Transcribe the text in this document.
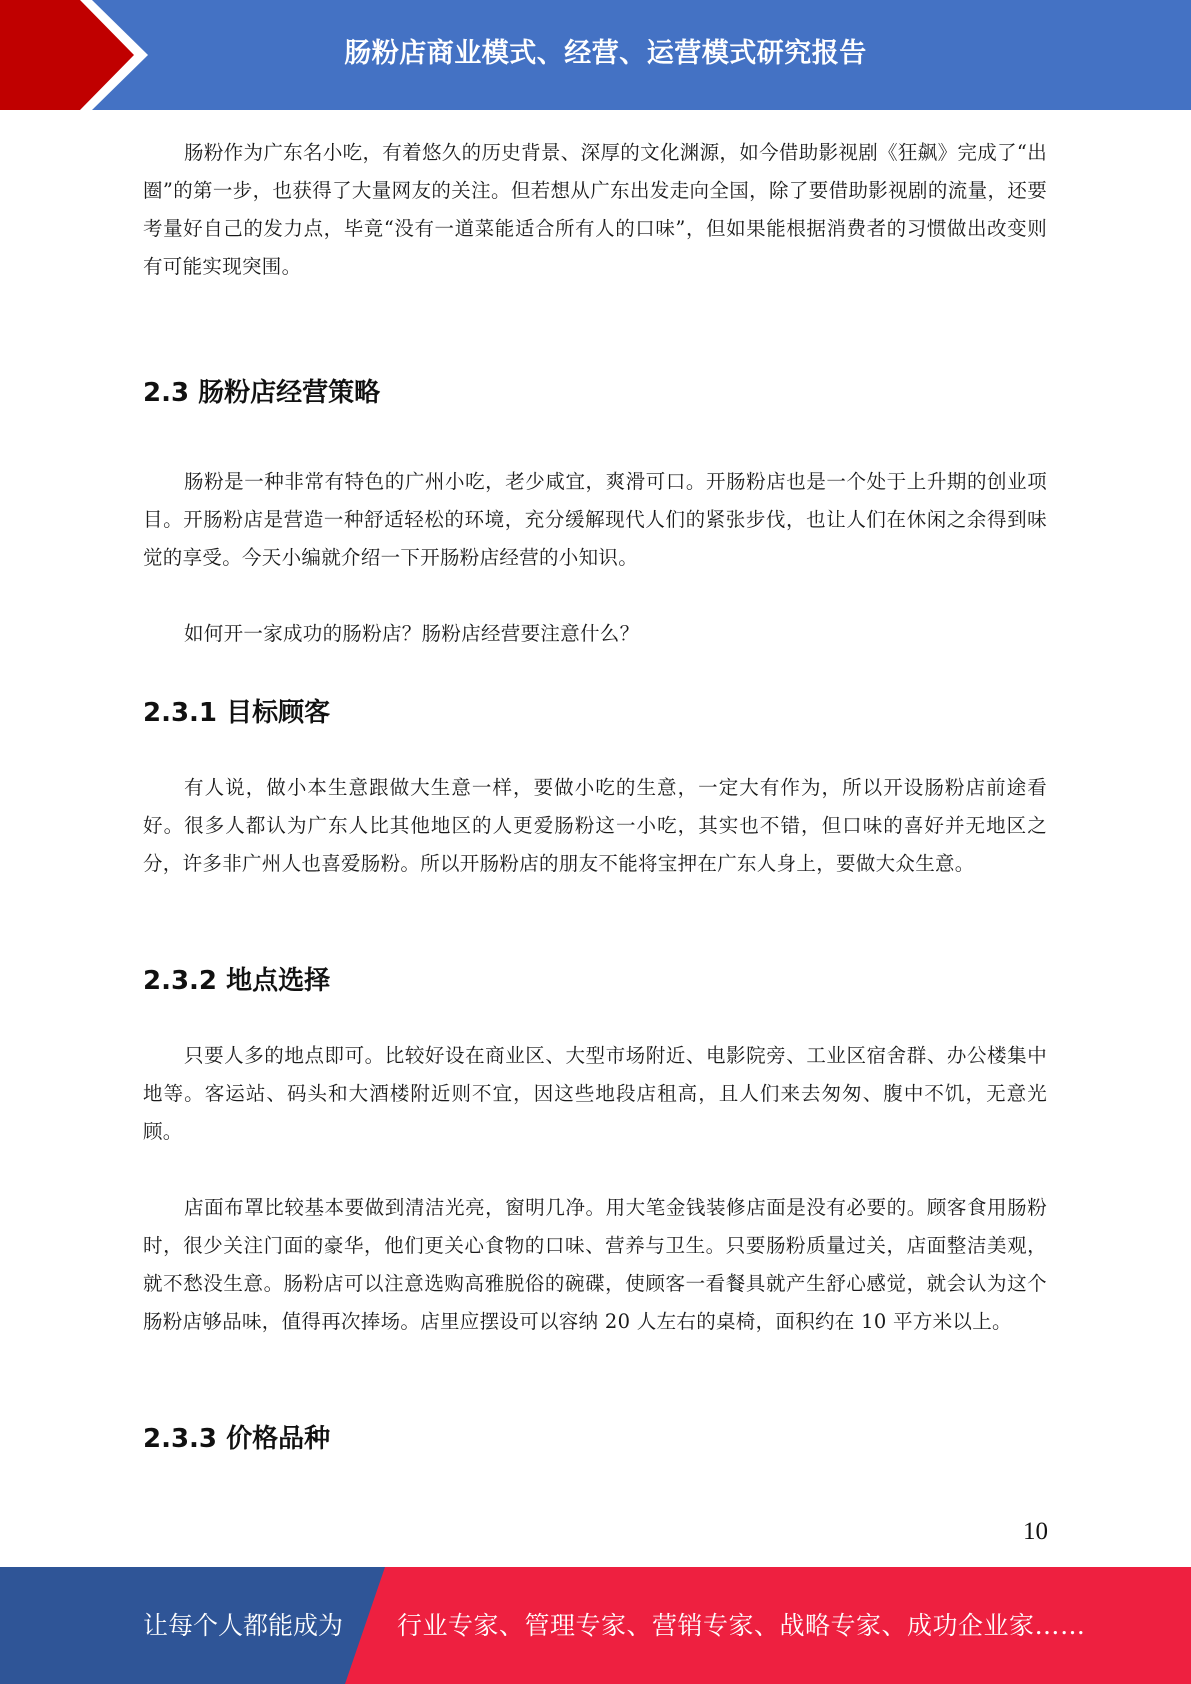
肠粉店商业模式、经营、运营模式研究报告

肠粉作为广东名小吃，有着悠久的历史背景、深厚的文化渊源，如今借助影视剧《狂飙》完成了“出圈”的第一步，也获得了大量网友的关注。但若想从广东出发走向全国，除了要借助影视剧的流量，还要考量好自己的发力点，毕竟“没有一道菜能适合所有人的口味”，但如果能根据消费者的习惯做出改变则有可能实现突围。

2.3 肠粉店经营策略

肠粉是一种非常有特色的广州小吃，老少咸宜，爽滑可口。开肠粉店也是一个处于上升期的创业项目。开肠粉店是营造一种舒适轻松的环境，充分缓解现代人们的紧张步伐，也让人们在休闲之余得到味觉的享受。今天小编就介绍一下开肠粉店经营的小知识。

如何开一家成功的肠粉店？肠粉店经营要注意什么？

2.3.1 目标顾客

有人说，做小本生意跟做大生意一样，要做小吃的生意，一定大有作为，所以开设肠粉店前途看好。很多人都认为广东人比其他地区的人更爱肠粉这一小吃，其实也不错，但口味的喜好并无地区之分，许多非广州人也喜爱肠粉。所以开肠粉店的朋友不能将宝押在广东人身上，要做大众生意。

2.3.2 地点选择

只要人多的地点即可。比较好设在商业区、大型市场附近、电影院旁、工业区宿舍群、办公楼集中地等。客运站、码头和大酒楼附近则不宜，因这些地段店租高，且人们来去匆匆、腹中不饥，无意光顾。

店面布罩比较基本要做到清洁光亮，窗明几净。用大笔金钱装修店面是没有必要的。顾客食用肠粉时，很少关注门面的豪华，他们更关心食物的口味、营养与卫生。只要肠粉质量过关，店面整洁美观，就不愁没生意。肠粉店可以注意选购高雅脱俗的碗碟，使顾客一看餐具就产生舒心感觉，就会认为这个肠粉店够品味，值得再次捧场。店里应摆设可以容纳 20 人左右的桌椅，面积约在 10 平方米以上。

2.3.3 价格品种
10
让每个人都能成为 行业专家、管理专家、营销专家、战略专家、成功企业家……
